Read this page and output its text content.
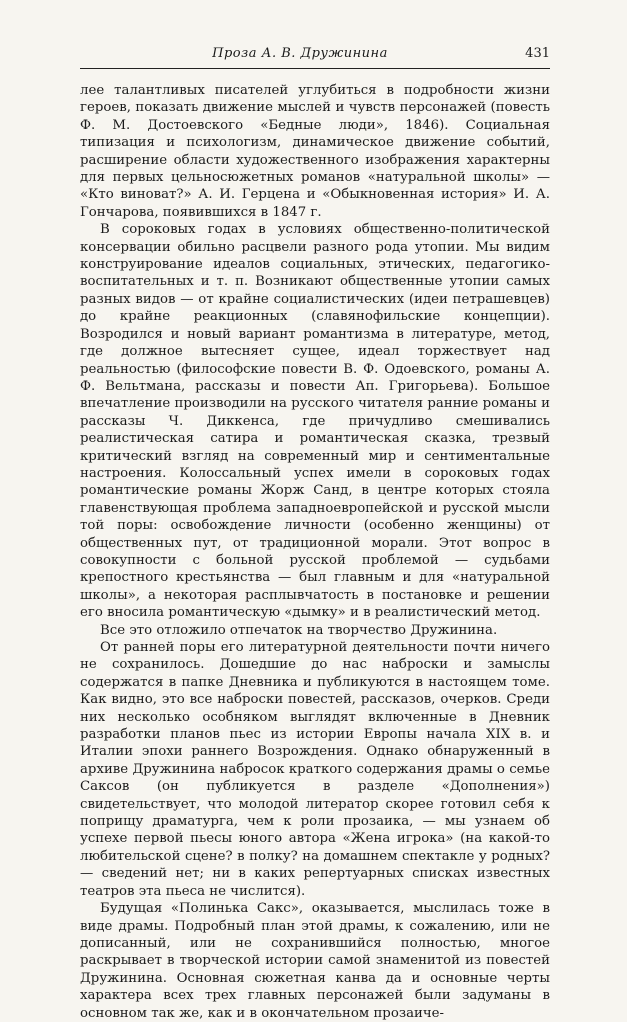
Проза А. В. Дружинина	431

лее талантливых писателей углубиться в подробности жизни героев, показать движение мыслей и чувств персонажей (повесть Ф. М. Достоевского «Бедные люди», 1846). Социальная типизация и психологизм, динамическое движение событий, расширение области художественного изображения характерны для первых цельносюжетных романов «натуральной школы» — «Кто виноват?» А. И. Герцена и «Обыкновенная история» И. А. Гончарова, появившихся в 1847 г.

В сороковых годах в условиях общественно-политической консервации обильно расцвели разного рода утопии. Мы видим конструирование идеалов социальных, этических, педагогико-воспитательных и т. п. Возникают общественные утопии самых разных видов — от крайне социалистических (идеи петрашевцев) до крайне реакционных (славянофильские концепции). Возродился и новый вариант романтизма в литературе, метод, где должное вытесняет сущее, идеал торжествует над реальностью (философские повести В. Ф. Одоевского, романы А. Ф. Вельтмана, рассказы и повести Ап. Григорьева). Большое впечатление производили на русского читателя ранние романы и рассказы Ч. Диккенса, где причудливо смешивались реалистическая сатира и романтическая сказка, трезвый критический взгляд на современный мир и сентиментальные настроения. Колоссальный успех имели в сороковых годах романтические романы Жорж Санд, в центре которых стояла главенствующая проблема западноевропейской и русской мысли той поры: освобождение личности (особенно женщины) от общественных пут, от традиционной морали. Этот вопрос в совокупности с больной русской проблемой — судьбами крепостного крестьянства — был главным и для «натуральной школы», а некоторая расплывчатость в постановке и решении его вносила романтическую «дымку» и в реалистический метод.

Все это отложило отпечаток на творчество Дружинина.

От ранней поры его литературной деятельности почти ничего не сохранилось. Дошедшие до нас наброски и замыслы содержатся в папке Дневника и публикуются в настоящем томе. Как видно, это все наброски повестей, рассказов, очерков. Среди них несколько особняком выглядят включенные в Дневник разработки планов пьес из истории Европы начала XIX в. и Италии эпохи раннего Возрождения. Однако обнаруженный в архиве Дружинина набросок краткого содержания драмы о семье Саксов (он публикуется в разделе «Дополнения») свидетельствует, что молодой литератор скорее готовил себя к поприщу драматурга, чем к роли прозаика, — мы узнаем об успехе первой пьесы юного автора «Жена игрока» (на какой-то любительской сцене? в полку? на домашнем спектакле у родных? — сведений нет; ни в каких репертуарных списках известных театров эта пьеса не числится).

Будущая «Полинька Сакс», оказывается, мыслилась тоже в виде драмы. Подробный план этой драмы, к сожалению, или не дописанный, или не сохранившийся полностью, многое раскрывает в творческой истории самой знаменитой из повестей Дружинина. Основная сюжетная канва да и основные черты характера всех трех главных персонажей были задуманы в основном так же, как и в окончательном прозаиче-
